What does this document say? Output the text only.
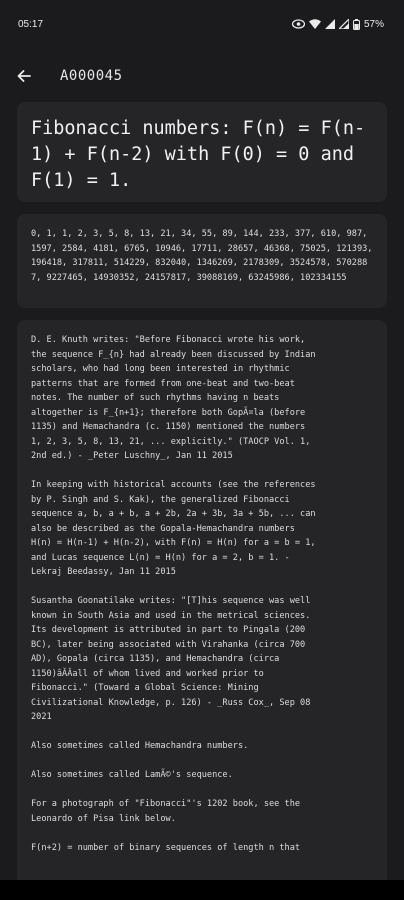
05:17	57%
A000045
Fibonacci numbers: F(n) = F(n-1) + F(n-2) with F(0) = 0 and F(1) = 1.

0, 1, 1, 2, 3, 5, 8, 13, 21, 34, 55, 89, 144, 233, 377, 610, 987, 1597, 2584, 4181, 6765, 10946, 17711, 28657, 46368, 75025, 121393, 196418, 317811, 514229, 832040, 1346269, 2178309, 3524578, 5702887, 9227465, 14930352, 24157817, 39088169, 63245986, 102334155

D. E. Knuth writes: "Before Fibonacci wrote his work,
the sequence F_{n} had already been discussed by Indian
scholars, who had long been interested in rhythmic
patterns that are formed from one-beat and two-beat
notes. The number of such rhythms having n beats
altogether is F_{n+1}; therefore both GopÃ¤la (before
1135) and Hemachandra (c. 1150) mentioned the numbers
1, 2, 3, 5, 8, 13, 21, ... explicitly." (TAOCP Vol. 1,
2nd ed.) - _Peter Luschny_, Jan 11 2015

In keeping with historical accounts (see the references
by P. Singh and S. Kak), the generalized Fibonacci
sequence a, b, a + b, a + 2b, 2a + 3b, 3a + 5b, ... can
also be described as the Gopala-Hemachandra numbers
H(n) = H(n-1) + H(n-2), with F(n) = H(n) for a = b = 1,
and Lucas sequence L(n) = H(n) for a = 2, b = 1. -
Lekraj Beedassy, Jan 11 2015

Susantha Goonatilake writes: "[T]his sequence was well
known in South Asia and used in the metrical sciences.
Its development is attributed in part to Pingala (200
BC), later being associated with Virahanka (circa 700
AD), Gopala (circa 1135), and Hemachandra (circa
1150)âĂĂall of whom lived and worked prior to
Fibonacci." (Toward a Global Science: Mining
Civilizational Knowledge, p. 126) - _Russ Cox_, Sep 08
2021

Also sometimes called Hemachandra numbers.

Also sometimes called LamÃ©'s sequence.

For a photograph of "Fibonacci"'s 1202 book, see the
Leonardo of Pisa link below.

F(n+2) = number of binary sequences of length n that
